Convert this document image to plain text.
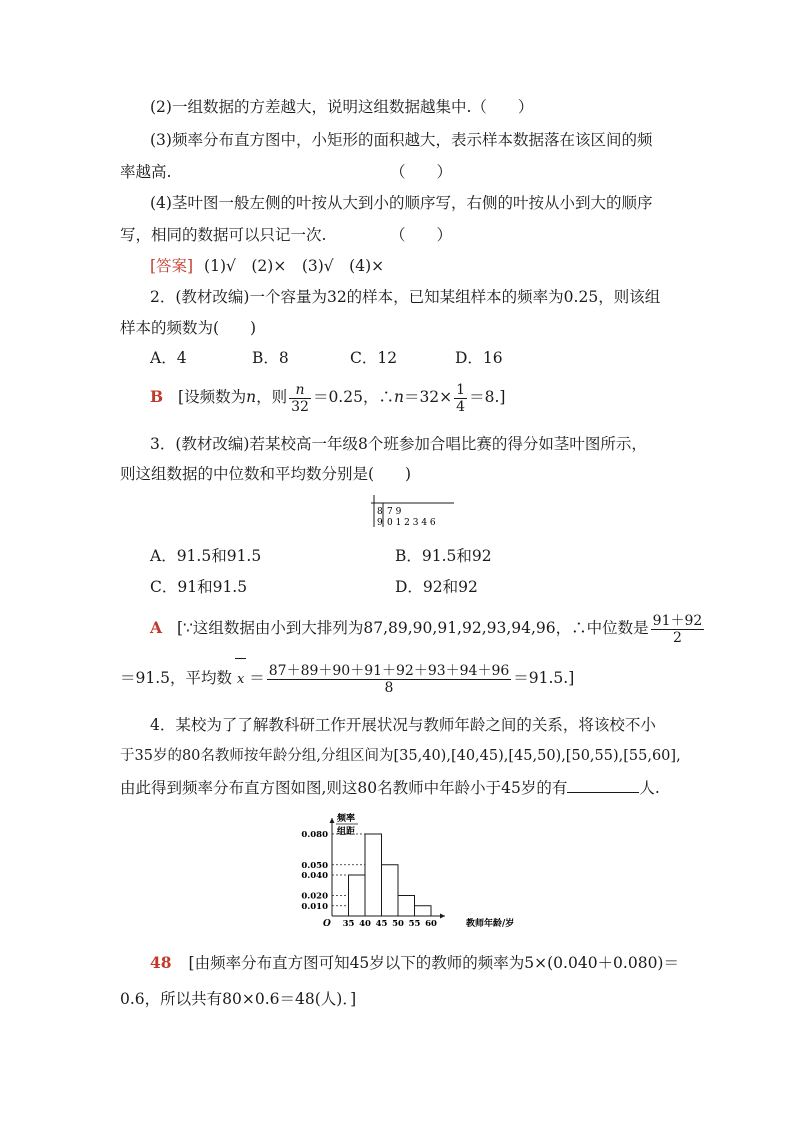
(2)一组数据的方差越大，说明这组数据越集中.（　　）
(3)频率分布直方图中，小矩形的面积越大，表示样本数据落在该区间的频
率越高.	（　　）
(4)茎叶图一般左侧的叶按从大到小的顺序写，右侧的叶按从小到大的顺序
写，相同的数据可以只记一次.	（　　）
[答案] (1)√　(2)×　(3)√　(4)×
2．(教材改编)一个容量为32的样本，已知某组样本的频率为0.25，则该组
样本的频数为(　　)
A．4	B．8	C．12	D．16
B [设频数为n，则 $\frac{n}{32} =0.25$，∴n＝32× $\frac{1}{4} =8$.]
3．(教材改编)若某校高一年级8个班参加合唱比赛的得分如茎叶图所示，
则这组数据的中位数和平均数分别是(　　)
8 7 9
9 0 1 2 3 4 6
A．91.5和91.5	B．91.5和92
C．91和91.5	D．92和92
A [∵这组数据由小到大排列为87,89,90,91,92,93,94,96，∴中位数是 $\frac{91+92}{2}$
＝91.5，平均数 $x = \frac{87+89+90+91+92+93+94+96}{8} =91.5$.]
4．某校为了了解教科研工作开展状况与教师年龄之间的关系，将该校不小
于35岁的80名教师按年龄分组,分组区间为[35,40),[40,45),[45,50),[50,55),[55,60],
由此得到频率分布直方图如图,则这80名教师中年龄小于45岁的有	人.
0.010
0.020
0.040
0.050
0.080
35 40 45 50 55 60
频率
组距
教师年龄/岁
O
48 [由频率分布直方图可知45岁以下的教师的频率为5×(0.040＋0.080)＝
0.6，所以共有80×0.6＝48(人)．]
